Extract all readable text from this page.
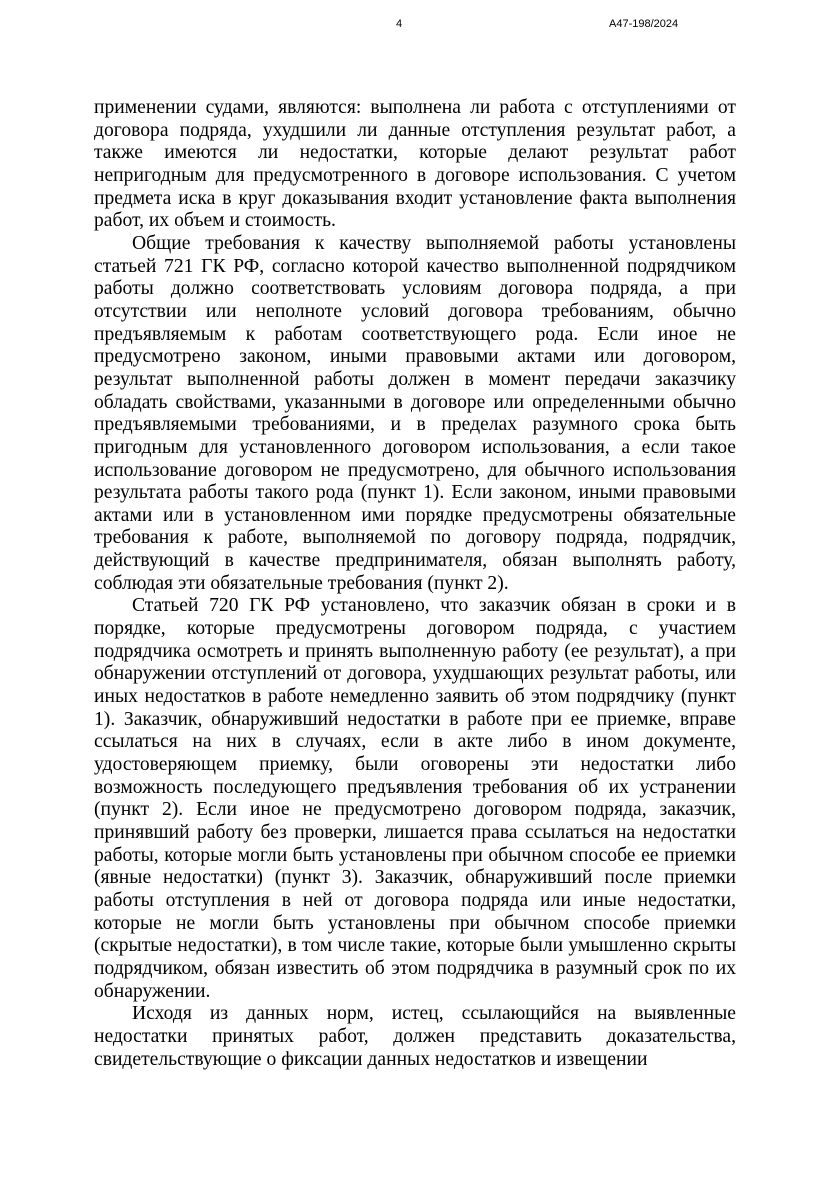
4	А47-198/2024

применении судами, являются: выполнена ли работа с отступлениями от договора подряда, ухудшили ли данные отступления результат работ, а также имеются ли недостатки, которые делают результат работ непригодным для предусмотренного в договоре использования. С учетом предмета иска в круг доказывания входит установление факта выполнения работ, их объем и стоимость.

Общие требования к качеству выполняемой работы установлены статьей 721 ГК РФ, согласно которой качество выполненной подрядчиком работы должно соответствовать условиям договора подряда, а при отсутствии или неполноте условий договора требованиям, обычно предъявляемым к работам соответствующего рода. Если иное не предусмотрено законом, иными правовыми актами или договором, результат выполненной работы должен в момент передачи заказчику обладать свойствами, указанными в договоре или определенными обычно предъявляемыми требованиями, и в пределах разумного срока быть пригодным для установленного договором использования, а если такое использование договором не предусмотрено, для обычного использования результата работы такого рода (пункт 1). Если законом, иными правовыми актами или в установленном ими порядке предусмотрены обязательные требования к работе, выполняемой по договору подряда, подрядчик, действующий в качестве предпринимателя, обязан выполнять работу, соблюдая эти обязательные требования (пункт 2).

Статьей 720 ГК РФ установлено, что заказчик обязан в сроки и в порядке, которые предусмотрены договором подряда, с участием подрядчика осмотреть и принять выполненную работу (ее результат), а при обнаружении отступлений от договора, ухудшающих результат работы, или иных недостатков в работе немедленно заявить об этом подрядчику (пункт 1). Заказчик, обнаруживший недостатки в работе при ее приемке, вправе ссылаться на них в случаях, если в акте либо в ином документе, удостоверяющем приемку, были оговорены эти недостатки либо возможность последующего предъявления требования об их устранении (пункт 2). Если иное не предусмотрено договором подряда, заказчик, принявший работу без проверки, лишается права ссылаться на недостатки работы, которые могли быть установлены при обычном способе ее приемки (явные недостатки) (пункт 3). Заказчик, обнаруживший после приемки работы отступления в ней от договора подряда или иные недостатки, которые не могли быть установлены при обычном способе приемки (скрытые недостатки), в том числе такие, которые были умышленно скрыты подрядчиком, обязан известить об этом подрядчика в разумный срок по их обнаружении.

Исходя из данных норм, истец, ссылающийся на выявленные недостатки принятых работ, должен представить доказательства, свидетельствующие о фиксации данных недостатков и извещении
